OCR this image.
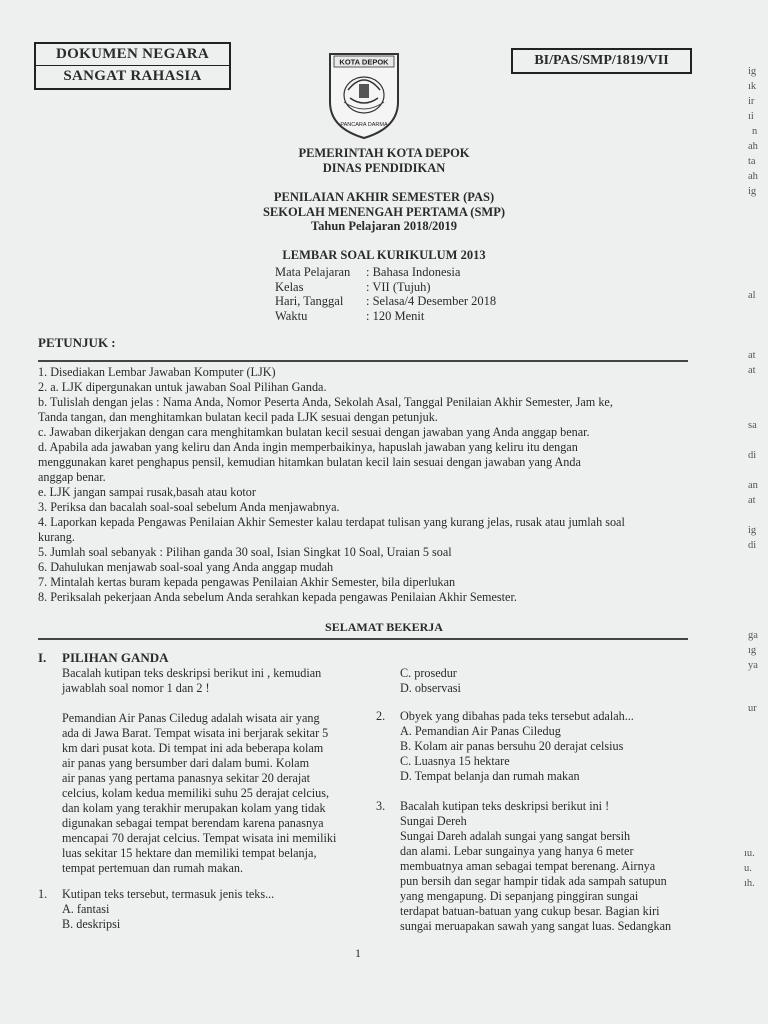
DOKUMEN NEGARA
SANGAT RAHASIA
KOTA DEPOK
PANCARA DARMA
BI/PAS/SMP/1819/VII
PEMERINTAH KOTA DEPOK
DINAS PENDIDIKAN
PENILAIAN AKHIR SEMESTER (PAS)
SEKOLAH MENENGAH PERTAMA (SMP)
Tahun Pelajaran 2018/2019
LEMBAR SOAL KURIKULUM 2013
Mata Pelajaran : Bahasa Indonesia
Kelas	: VII (Tujuh)
Hari, Tanggal : Selasa/4 Desember 2018
Waktu	: 120 Menit
PETUNJUK :
1. Disediakan Lembar Jawaban Komputer (LJK)
2. a. LJK dipergunakan untuk jawaban Soal Pilihan Ganda.
b. Tulislah dengan jelas : Nama Anda, Nomor Peserta Anda, Sekolah Asal, Tanggal Penilaian Akhir Semester, Jam ke,
Tanda tangan, dan menghitamkan bulatan kecil pada LJK sesuai dengan petunjuk.
c. Jawaban dikerjakan dengan cara menghitamkan bulatan kecil sesuai dengan jawaban yang Anda anggap benar.
d. Apabila ada jawaban yang keliru dan Anda ingin memperbaikinya, hapuslah jawaban yang keliru itu dengan
menggunakan karet penghapus pensil, kemudian hitamkan bulatan kecil lain sesuai dengan jawaban yang Anda
anggap benar.
e. LJK jangan sampai rusak,basah atau kotor
3. Periksa dan bacalah soal-soal sebelum Anda menjawabnya.
4. Laporkan kepada Pengawas Penilaian Akhir Semester kalau terdapat tulisan yang kurang jelas, rusak atau jumlah soal
kurang.
5. Jumlah soal sebanyak : Pilihan ganda 30 soal, Isian Singkat 10 Soal, Uraian 5 soal
6. Dahulukan menjawab soal-soal yang Anda anggap mudah
7. Mintalah kertas buram kepada pengawas Penilaian Akhir Semester, bila diperlukan
8. Periksalah pekerjaan Anda sebelum Anda serahkan kepada pengawas Penilaian Akhir Semester.
SELAMAT BEKERJA
I. PILIHAN GANDA
Bacalah kutipan teks deskripsi berikut ini , kemudian
jawablah soal nomor 1 dan 2 !
Pemandian Air Panas Ciledug adalah wisata air yang
ada di Jawa Barat. Tempat wisata ini berjarak sekitar 5
km dari pusat kota. Di tempat ini ada beberapa kolam
air panas yang bersumber dari dalam bumi. Kolam
air panas yang pertama panasnya sekitar 20 derajat
celcius, kolam kedua memiliki suhu 25 derajat celcius,
dan kolam yang terakhir merupakan kolam yang tidak
digunakan sebagai tempat berendam karena panasnya
mencapai 70 derajat celcius. Tempat wisata ini memiliki
luas sekitar 15 hektare dan memiliki tempat belanja,
tempat pertemuan dan rumah makan.
1. Kutipan teks tersebut, termasuk jenis teks...
A. fantasi
B. deskripsi
C. prosedur
D. observasi
2. Obyek yang dibahas pada teks tersebut adalah...
A. Pemandian Air Panas Ciledug
B. Kolam air panas bersuhu 20 derajat celsius
C. Luasnya 15 hektare
D. Tempat belanja dan rumah makan
3. Bacalah kutipan teks deskripsi berikut ini !
Sungai Dereh
Sungai Dareh adalah sungai yang sangat bersih
dan alami. Lebar sungainya yang hanya 6 meter
membuatnya aman sebagai tempat berenang. Airnya
pun bersih dan segar hampir tidak ada sampah satupun
yang mengapung. Di sepanjang pinggiran sungai
terdapat batuan-batuan yang cukup besar. Bagian kiri
sungai meruapakan sawah yang sangat luas. Sedangkan
1
ig
ık
ir
ıi
n
ah
ta
ah
ig
al
at
at
sa
di
an
at
ig
di
ga
ıg
ya
ur
ıu.
u.
ıh.
